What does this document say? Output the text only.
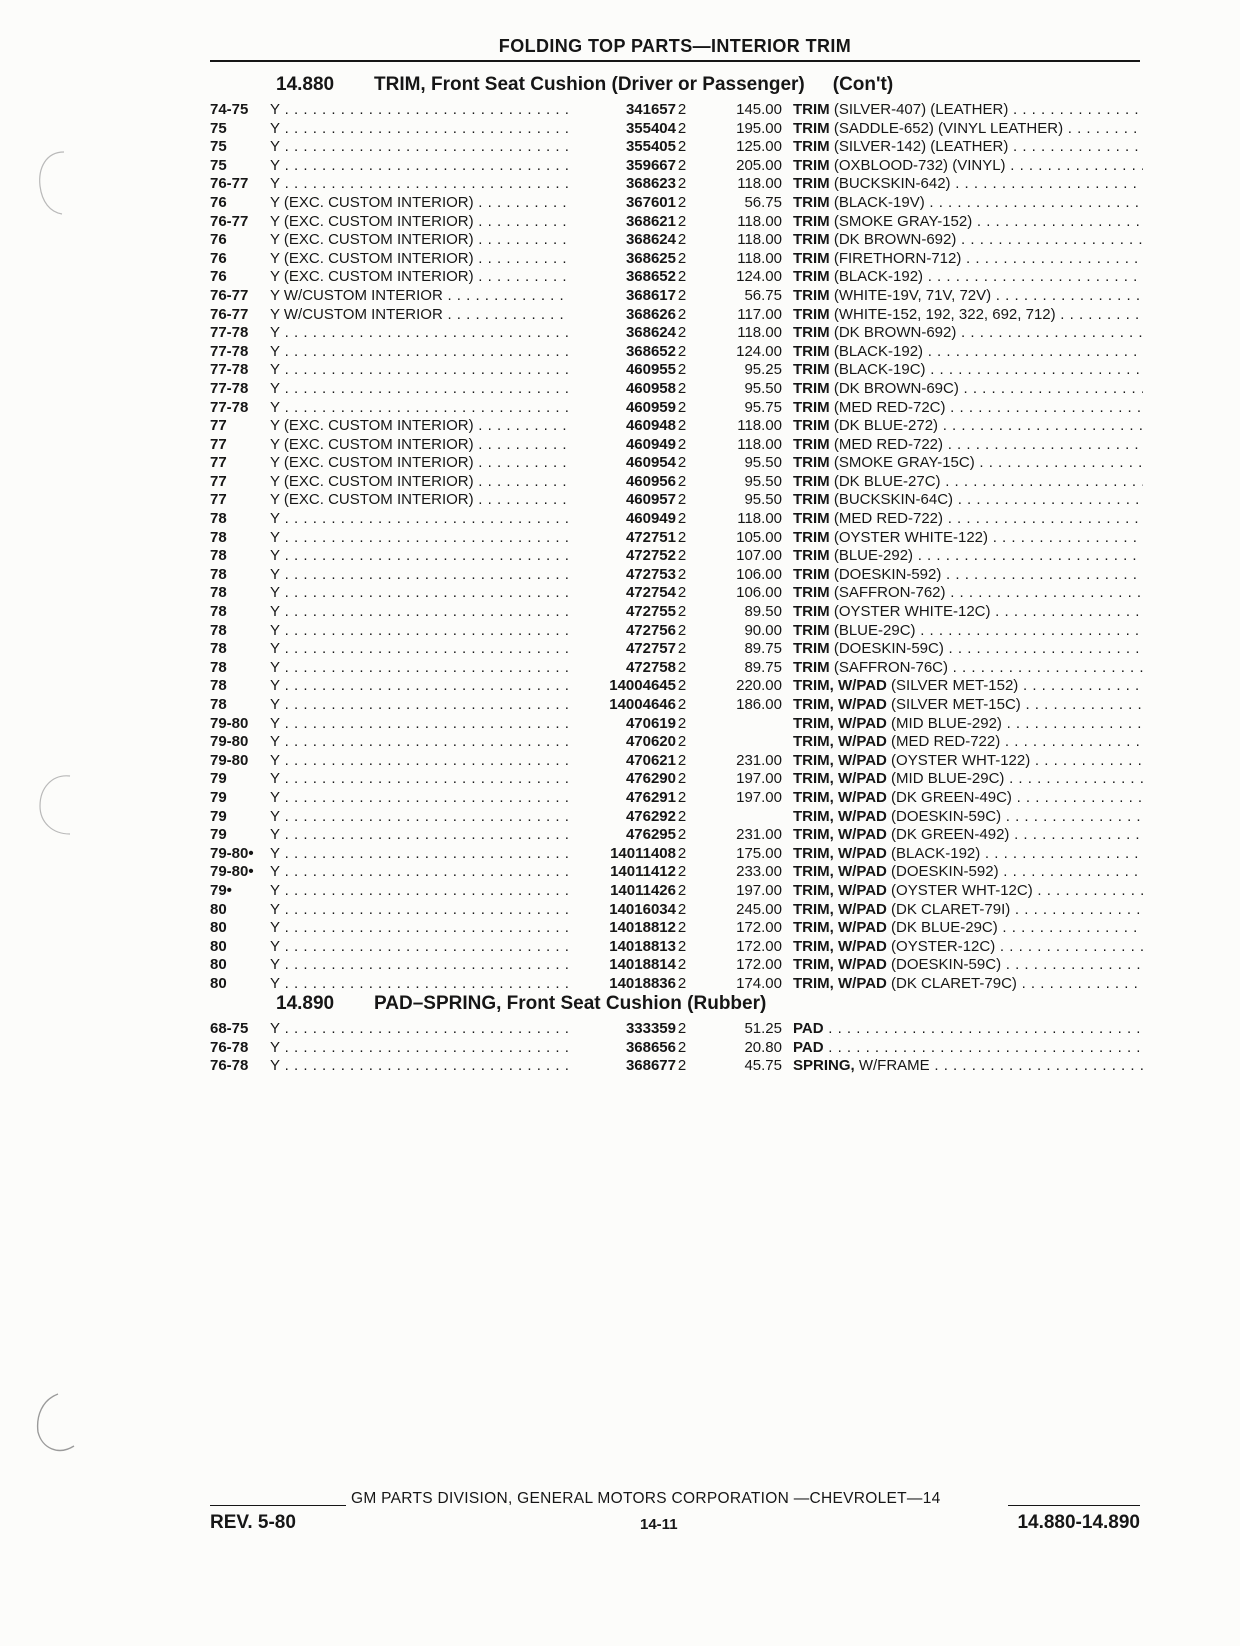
FOLDING TOP PARTS—INTERIOR TRIM
14.880 TRIM, Front Seat Cushion (Driver or Passenger) (Con't)
74-75	Y . . .	341657 2	145.00 TRIM (SILVER-407) (LEATHER) . . .
75	Y . . .	355404 2	195.00 TRIM (SADDLE-652) (VINYL LEATHER) . . .
75	Y . . .	355405 2	125.00 TRIM (SILVER-142) (LEATHER) . . .
75	Y . . .	359667 2	205.00 TRIM (OXBLOOD-732) (VINYL) . . .
76-77	Y . . .	368623 2	118.00 TRIM (BUCKSKIN-642) . . .
76	Y (EXC. CUSTOM INTERIOR) . . .	367601 2	56.75 TRIM (BLACK-19V) . . .
76-77	Y (EXC. CUSTOM INTERIOR) . . .	368621 2	118.00 TRIM (SMOKE GRAY-152) . . .
76	Y (EXC. CUSTOM INTERIOR) . . .	368624 2	118.00 TRIM (DK BROWN-692) . . .
76	Y (EXC. CUSTOM INTERIOR) . . .	368625 2	118.00 TRIM (FIRETHORN-712) . . .
76	Y (EXC. CUSTOM INTERIOR) . . .	368652 2	124.00 TRIM (BLACK-192) . . .
76-77	Y W/CUSTOM INTERIOR . . .	368617 2	56.75 TRIM (WHITE-19V, 71V, 72V) . . .
76-77	Y W/CUSTOM INTERIOR . . .	368626 2	117.00 TRIM (WHITE-152, 192, 322, 692, 712) . . .
77-78	Y . . .	368624 2	118.00 TRIM (DK BROWN-692) . . .
77-78	Y . . .	368652 2	124.00 TRIM (BLACK-192) . . .
77-78	Y . . .	460955 2	95.25 TRIM (BLACK-19C) . . .
77-78	Y . . .	460958 2	95.50 TRIM (DK BROWN-69C) . . .
77-78	Y . . .	460959 2	95.75 TRIM (MED RED-72C) . . .
77	Y (EXC. CUSTOM INTERIOR) . . .	460948 2	118.00 TRIM (DK BLUE-272) . . .
77	Y (EXC. CUSTOM INTERIOR) . . .	460949 2	118.00 TRIM (MED RED-722) . . .
77	Y (EXC. CUSTOM INTERIOR) . . .	460954 2	95.50 TRIM (SMOKE GRAY-15C) . . .
77	Y (EXC. CUSTOM INTERIOR) . . .	460956 2	95.50 TRIM (DK BLUE-27C) . . .
77	Y (EXC. CUSTOM INTERIOR) . . .	460957 2	95.50 TRIM (BUCKSKIN-64C) . . .
78	Y . . .	460949 2	118.00 TRIM (MED RED-722) . . .
78	Y . . .	472751 2	105.00 TRIM (OYSTER WHITE-122) . . .
78	Y . . .	472752 2	107.00 TRIM (BLUE-292) . . .
78	Y . . .	472753 2	106.00 TRIM (DOESKIN-592) . . .
78	Y . . .	472754 2	106.00 TRIM (SAFFRON-762) . . .
78	Y . . .	472755 2	89.50 TRIM (OYSTER WHITE-12C) . . .
78	Y . . .	472756 2	90.00 TRIM (BLUE-29C) . . .
78	Y . . .	472757 2	89.75 TRIM (DOESKIN-59C) . . .
78	Y . . .	472758 2	89.75 TRIM (SAFFRON-76C) . . .
78	Y . . .	14004645 2	220.00 TRIM, W/PAD (SILVER MET-152) . . .
78	Y . . .	14004646 2	186.00 TRIM, W/PAD (SILVER MET-15C) . . .
79-80	Y . . .	470619 2	TRIM, W/PAD (MID BLUE-292) . . .
79-80	Y . . .	470620 2	TRIM, W/PAD (MED RED-722) . . .
79-80	Y . . .	470621 2	231.00 TRIM, W/PAD (OYSTER WHT-122) . . .
79	Y . . .	476290 2	197.00 TRIM, W/PAD (MID BLUE-29C) . . .
79	Y . . .	476291 2	197.00 TRIM, W/PAD (DK GREEN-49C) . . .
79	Y . . .	476292 2	TRIM, W/PAD (DOESKIN-59C) . . .
79	Y . . .	476295 2	231.00 TRIM, W/PAD (DK GREEN-492) . . .
79-80•	Y . . .	14011408 2	175.00 TRIM, W/PAD (BLACK-192) . . .
79-80•	Y . . .	14011412 2	233.00 TRIM, W/PAD (DOESKIN-592) . . .
79•	Y . . .	14011426 2	197.00 TRIM, W/PAD (OYSTER WHT-12C) . . .
80	Y . . .	14016034 2	245.00 TRIM, W/PAD (DK CLARET-79I) . . .
80	Y . . .	14018812 2	172.00 TRIM, W/PAD (DK BLUE-29C) . . .
80	Y . . .	14018813 2	172.00 TRIM, W/PAD (OYSTER-12C) . . .
80	Y . . .	14018814 2	172.00 TRIM, W/PAD (DOESKIN-59C) . . .
80	Y . . .	14018836 2	174.00 TRIM, W/PAD (DK CLARET-79C) . . .
14.890 PAD–SPRING, Front Seat Cushion (Rubber)
68-75	Y . . .	333359 2	51.25 PAD . . .
76-78	Y . . .	368656 2	20.80 PAD . . .
76-78	Y . . .	368677 2	45.75 SPRING, W/FRAME . . .
GM PARTS DIVISION, GENERAL MOTORS CORPORATION —CHEVROLET—14
REV. 5-80	14-11	14.880-14.890
